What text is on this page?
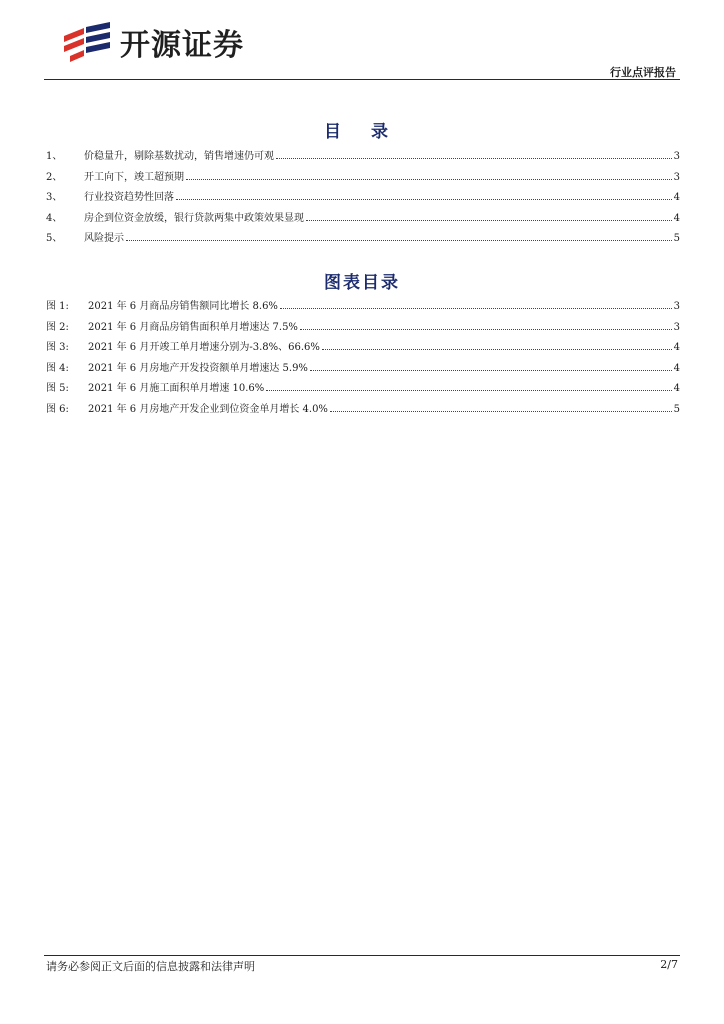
开源证券
行业点评报告
目 录
1、	价稳量升，剔除基数扰动，销售增速仍可观	3
2、	开工向下，竣工超预期	3
3、	行业投资趋势性回落	4
4、	房企到位资金放缓，银行贷款两集中政策效果显现	4
5、	风险提示	5
图表目录
图 1:	2021 年 6 月商品房销售额同比增长 8.6%	3
图 2:	2021 年 6 月商品房销售面积单月增速达 7.5%	3
图 3:	2021 年 6 月开竣工单月增速分别为-3.8%、66.6%	4
图 4:	2021 年 6 月房地产开发投资额单月增速达 5.9%	4
图 5:	2021 年 6 月施工面积单月增速 10.6%	4
图 6:	2021 年 6 月房地产开发企业到位资金单月增长 4.0%	5
请务必参阅正文后面的信息披露和法律声明	2/7
